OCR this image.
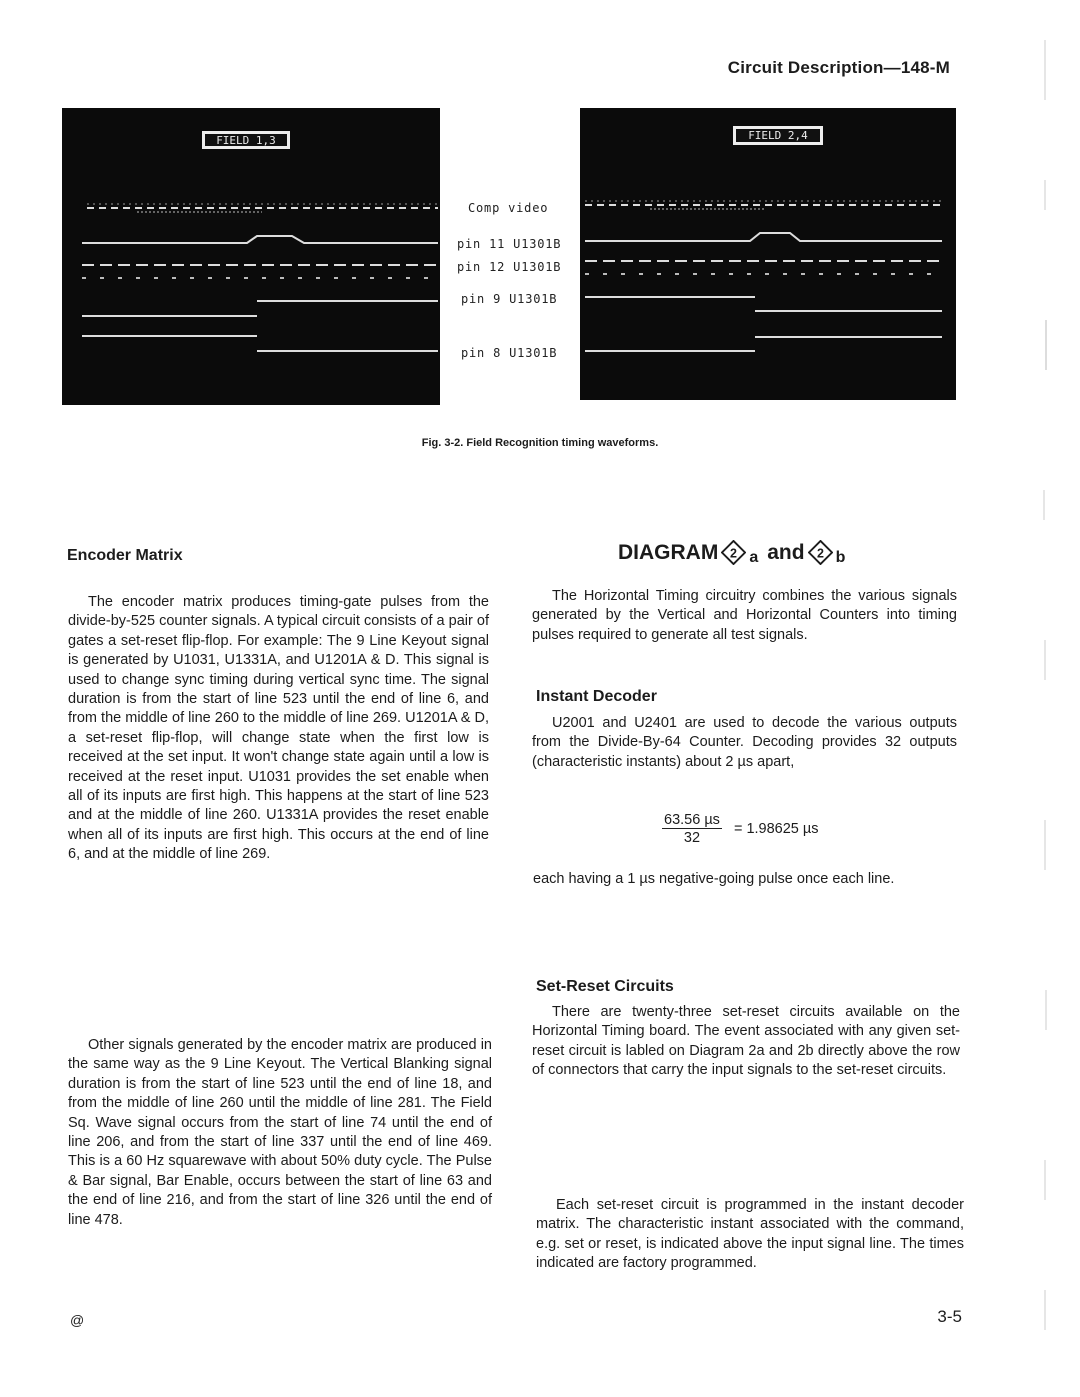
Circuit Description—148-M
FIELD 1,3
Comp video
pin 11 U1301B
pin 12 U1301B
pin 9 U1301B
pin 8 U1301B
FIELD 2,4
Fig. 3-2. Field Recognition timing waveforms.
Encoder Matrix
The encoder matrix produces timing-gate pulses from the divide-by-525 counter signals. A typical circuit consists of a pair of gates a set-reset flip-flop. For example: The 9 Line Keyout signal is generated by U1031, U1331A, and U1201A & D. This signal is used to change sync timing during vertical sync time. The signal duration is from the start of line 523 until the end of line 6, and from the middle of line 260 to the middle of line 269. U1201A & D, a set-reset flip-flop, will change state when the first low is received at the set input. It won't change state again until a low is received at the reset input. U1031 provides the set enable when all of its inputs are first high. This happens at the start of line 523 and at the middle of line 260. U1331A provides the reset enable when all of its inputs are first high. This occurs at the end of line 6, and at the middle of line 269.
Other signals generated by the encoder matrix are produced in the same way as the 9 Line Keyout. The Vertical Blanking signal duration is from the start of line 523 until the end of line 18, and from the middle of line 260 until the middle of line 281. The Field Sq. Wave signal occurs from the start of line 74 until the end of line 206, and from the start of line 337 until the end of line 469. This is a 60 Hz squarewave with about 50% duty cycle. The Pulse & Bar signal, Bar Enable, occurs between the start of line 63 and the end of line 216, and from the start of line 326 until the end of line 478.
DIAGRAM 2 a and 2 b
The Horizontal Timing circuitry combines the various signals generated by the Vertical and Horizontal Counters into timing pulses required to generate all test signals.
Instant Decoder
U2001 and U2401 are used to decode the various outputs from the Divide-By-64 Counter. Decoding provides 32 outputs (characteristic instants) about 2 µs apart,
$\frac{\text{63.56 µs}}{32} = 1.98625$ µs
each having a 1 µs negative-going pulse once each line.
Set-Reset Circuits
There are twenty-three set-reset circuits available on the Horizontal Timing board. The event associated with any given set-reset circuit is labled on Diagram 2a and 2b directly above the row of connectors that carry the input signals to the set-reset circuits.
Each set-reset circuit is programmed in the instant decoder matrix. The characteristic instant associated with the command, e.g. set or reset, is indicated above the input signal line. The times indicated are factory programmed.
@	3-5
